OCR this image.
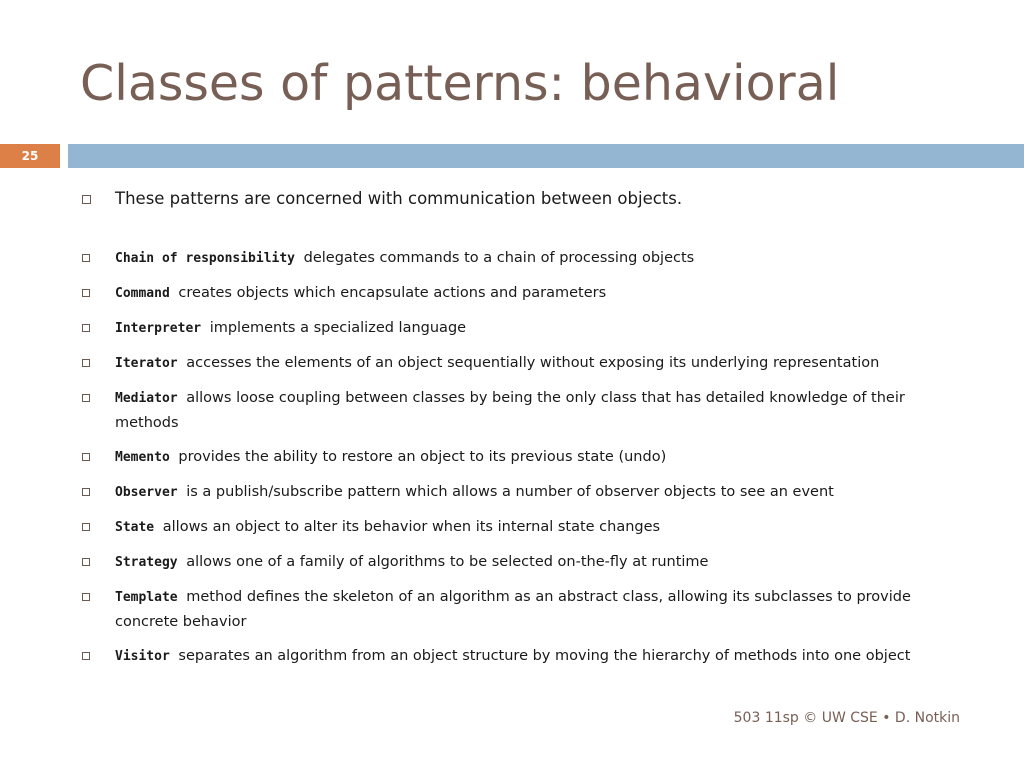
Classes of patterns: behavioral
25

These patterns are concerned with communication between objects.

Chain of responsibility delegates commands to a chain of processing objects
Command creates objects which encapsulate actions and parameters
Interpreter implements a specialized language
Iterator accesses the elements of an object sequentially without exposing its underlying representation
Mediator allows loose coupling between classes by being the only class that has detailed knowledge of their methods
Memento provides the ability to restore an object to its previous state (undo)
Observer is a publish/subscribe pattern which allows a number of observer objects to see an event
State allows an object to alter its behavior when its internal state changes
Strategy allows one of a family of algorithms to be selected on-the-fly at runtime
Template method defines the skeleton of an algorithm as an abstract class, allowing its subclasses to provide concrete behavior
Visitor separates an algorithm from an object structure by moving the hierarchy of methods into one object
503 11sp © UW CSE • D. Notkin
